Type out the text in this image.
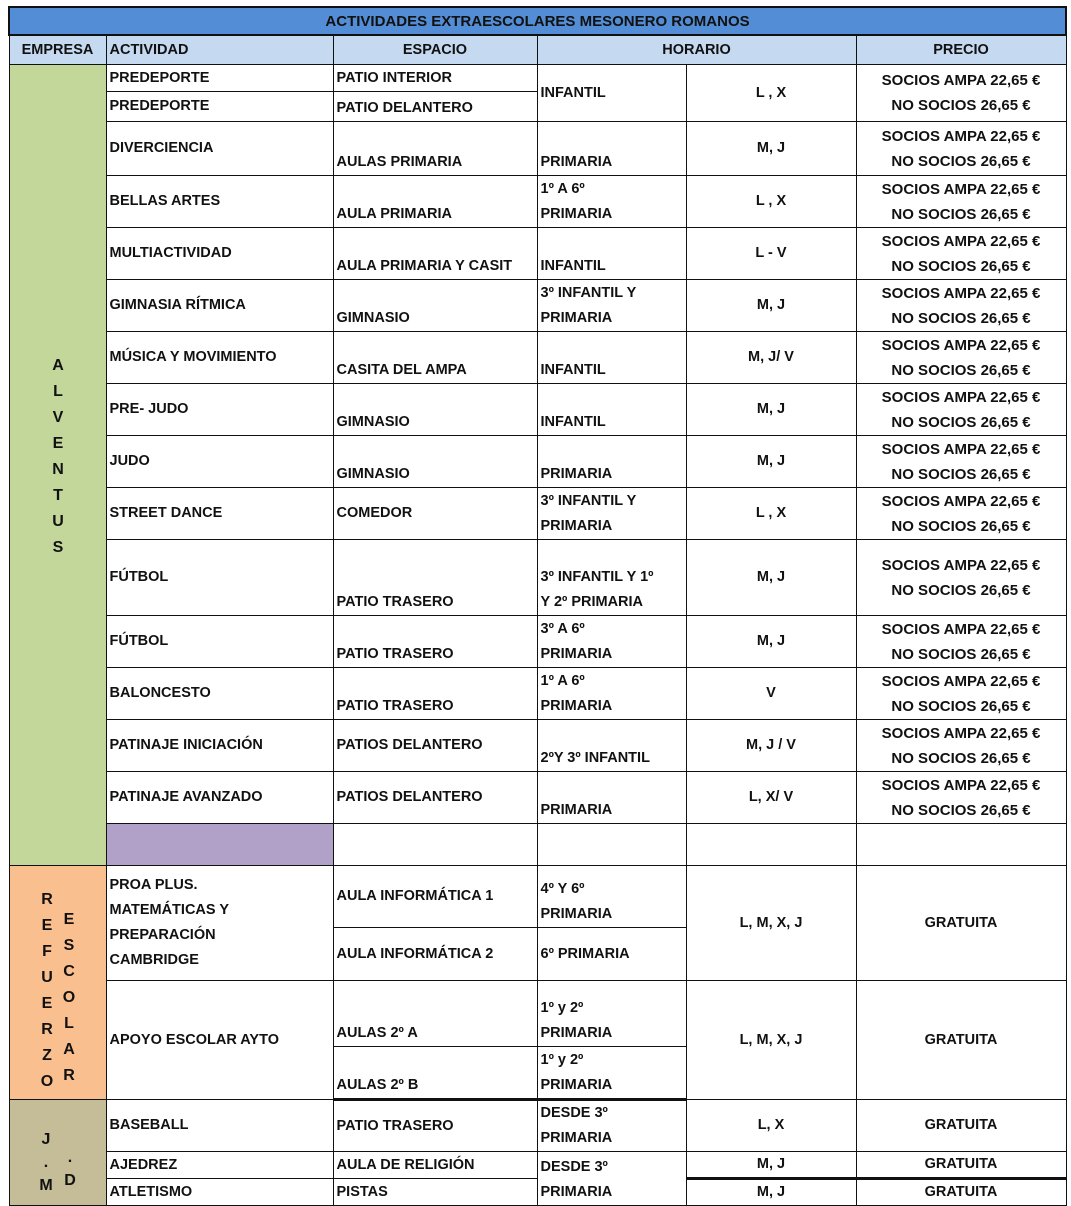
ACTIVIDADES EXTRAESCOLARES MESONERO ROMANOS						
EMPRESA	ACTIVIDAD	ESPACIO	HORARIO		PRECIO	
ALVENTUS	PREDEPORTE	PATIO INTERIOR	INFANTIL	L , X	SOCIOS AMPA 22,65 €
NO SOCIOS 26,65 €	

	PREDEPORTE	PATIO DELANTERO				
	DIVERCIENCIA	AULAS PRIMARIA	PRIMARIA	M, J	SOCIOS AMPA 22,65 €
NO SOCIOS 26,65 €	

	BELLAS ARTES	AULA PRIMARIA	1º A 6º
PRIMARIA	L , X	SOCIOS AMPA 22,65 €
NO SOCIOS 26,65 €	

	MULTIACTIVIDAD	AULA PRIMARIA Y CASIT	INFANTIL	L - V	SOCIOS AMPA 22,65 €
NO SOCIOS 26,65 €	

	GIMNASIA RÍTMICA	GIMNASIO	3º INFANTIL Y
PRIMARIA	M, J	SOCIOS AMPA 22,65 €
NO SOCIOS 26,65 €	

	MÚSICA Y MOVIMIENTO	CASITA DEL AMPA	INFANTIL	M, J/ V	SOCIOS AMPA 22,65 €
NO SOCIOS 26,65 €	

	PRE- JUDO	GIMNASIO	INFANTIL	M, J	SOCIOS AMPA 22,65 €
NO SOCIOS 26,65 €	

	JUDO	GIMNASIO	PRIMARIA	M, J	SOCIOS AMPA 22,65 €
NO SOCIOS 26,65 €	

	STREET DANCE	COMEDOR	3º INFANTIL Y
PRIMARIA	L , X	SOCIOS AMPA 22,65 €
NO SOCIOS 26,65 €	

	FÚTBOL	PATIO TRASERO	3º INFANTIL Y 1º
Y 2º PRIMARIA	M, J	SOCIOS AMPA 22,65 €
NO SOCIOS 26,65 €	

	FÚTBOL	PATIO TRASERO	3º A 6º
PRIMARIA	M, J	SOCIOS AMPA 22,65 €
NO SOCIOS 26,65 €	

	BALONCESTO	PATIO TRASERO	1º A 6º
PRIMARIA	V	SOCIOS AMPA 22,65 €
NO SOCIOS 26,65 €	

	PATINAJE INICIACIÓN	PATIOS DELANTERO	2ºY 3º INFANTIL	M, J / V	SOCIOS AMPA 22,65 €
NO SOCIOS 26,65 €	

	PATINAJE AVANZADO	PATIOS DELANTERO	PRIMARIA	L, X/ V	SOCIOS AMPA 22,65 €
NO SOCIOS 26,65 €	

REFUERZO ESCOLAR	PROA PLUS.
MATEMÁTICAS Y
PREPARACIÓN
CAMBRIDGE	AULA INFORMÁTICA 1	4º Y 6º
PRIMARIA	L, M, X, J	GRATUITA	
		AULA INFORMÁTICA 2	6º PRIMARIA			
	APOYO ESCOLAR AYTO	AULAS 2º A	1º y 2º
PRIMARIA	L, M, X, J	GRATUITA	
		AULAS 2º B	1º y 2º
PRIMARIA			

J.M .D	BASEBALL	PATIO TRASERO	DESDE 3º
PRIMARIA	L, X	GRATUITA	
	AJEDREZ	AULA DE RELIGIÓN	DESDE 3º
PRIMARIA	M, J	GRATUITA	
	ATLETISMO	PISTAS		M, J	GRATUITA	
